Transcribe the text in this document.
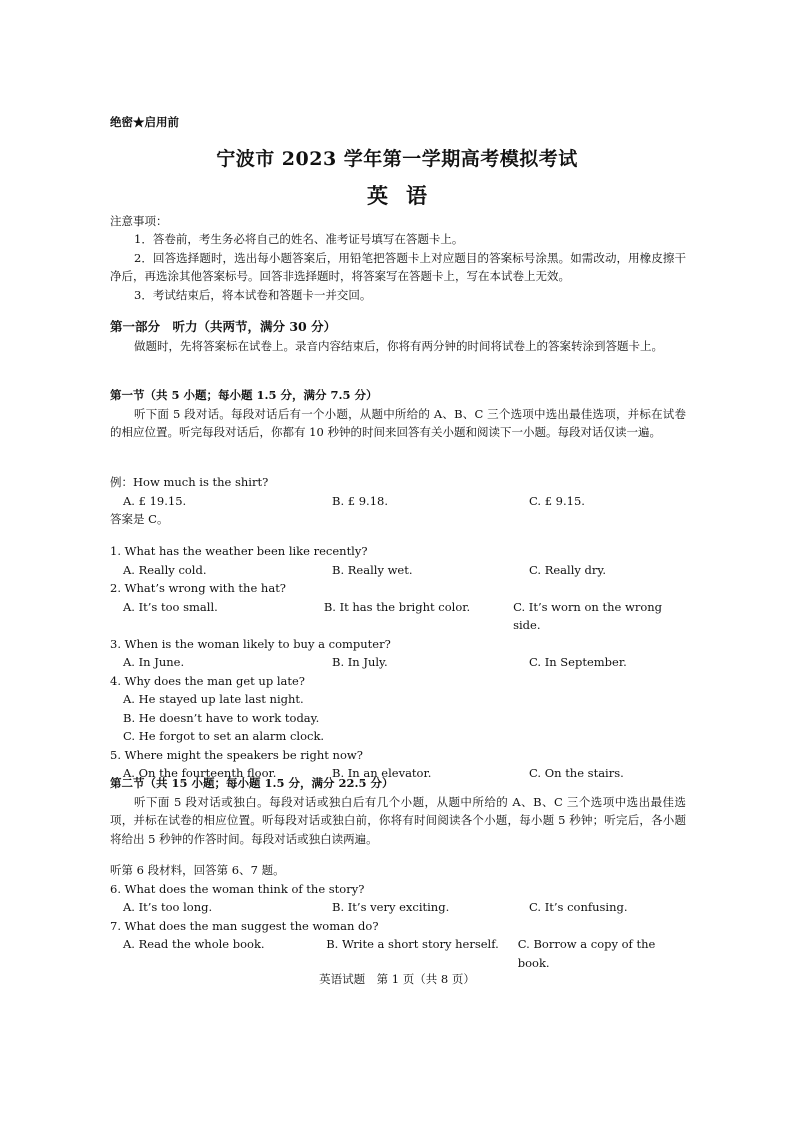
绝密★启用前
宁波市 2023 学年第一学期高考模拟考试
英语
注意事项：

1．答卷前，考生务必将自己的姓名、准考证号填写在答题卡上。

2．回答选择题时，选出每小题答案后，用铅笔把答题卡上对应题目的答案标号涂黑。如需改动，用橡皮擦干净后，再选涂其他答案标号。回答非选择题时，将答案写在答题卡上，写在本试卷上无效。

3．考试结束后，将本试卷和答题卡一并交回。

第一部分　听力（共两节，满分 30 分）

做题时，先将答案标在试卷上。录音内容结束后，你将有两分钟的时间将试卷上的答案转涂到答题卡上。

第一节（共 5 小题；每小题 1.5 分，满分 7.5 分）

听下面 5 段对话。每段对话后有一个小题，从题中所给的 A、B、C 三个选项中选出最佳选项，并标在试卷的相应位置。听完每段对话后，你都有 10 秒钟的时间来回答有关小题和阅读下一小题。每段对话仅读一遍。

例：How much is the shirt?

A. £ 19.15.	B. £ 9.18.	C. £ 9.15.

答案是 C。

1. What has the weather been like recently?

A. Really cold.	B. Really wet.	C. Really dry.

2. What’s wrong with the hat?

A. It’s too small.	B. It has the bright color.	C. It’s worn on the wrong side.

3. When is the woman likely to buy a computer?

A. In June.	B. In July.	C. In September.

4. Why does the man get up late?

A. He stayed up late last night.

B. He doesn’t have to work today.

C. He forgot to set an alarm clock.

5. Where might the speakers be right now?

A. On the fourteenth floor.	B. In an elevator.	C. On the stairs.
第二节（共 15 小题；每小题 1.5 分，满分 22.5 分）

听下面 5 段对话或独白。每段对话或独白后有几个小题，从题中所给的 A、B、C 三个选项中选出最佳选项，并标在试卷的相应位置。听每段对话或独白前，你将有时间阅读各个小题，每小题 5 秒钟；听完后，各小题将给出 5 秒钟的作答时间。每段对话或独白读两遍。

听第 6 段材料，回答第 6、7 题。

6. What does the woman think of the story?

A. It’s too long.	B. It’s very exciting.	C. It’s confusing.

7. What does the man suggest the woman do?

A. Read the whole book.	B. Write a short story herself.	C. Borrow a copy of the book.
英语试题　第 1 页（共 8 页）
